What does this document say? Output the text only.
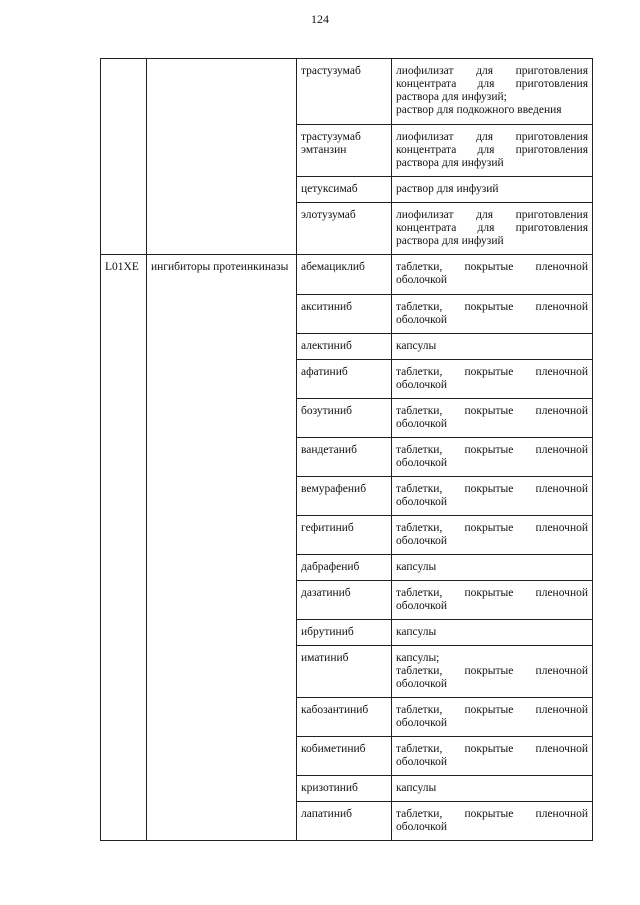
124
		трастузумаб	лиофилизат для приготовления
концентрата для приготовления
раствора для инфузий;
раствор для подкожного введения

		трастузумаб эмтанзин	лиофилизат для приготовления
концентрата для приготовления
раствора для инфузий

		цетуксимаб	раствор для инфузий

		элотузумаб	лиофилизат для приготовления
концентрата для приготовления
раствора для инфузий

L01XE	ингибиторы протеинкиназы	абемациклиб	таблетки, покрытые пленочной
оболочкой

		акситиниб	таблетки, покрытые пленочной
оболочкой

		алектиниб	капсулы

		афатиниб	таблетки, покрытые пленочной
оболочкой

		бозутиниб	таблетки, покрытые пленочной
оболочкой

		вандетаниб	таблетки, покрытые пленочной
оболочкой

		вемурафениб	таблетки, покрытые пленочной
оболочкой

		гефитиниб	таблетки, покрытые пленочной
оболочкой

		дабрафениб	капсулы

		дазатиниб	таблетки, покрытые пленочной
оболочкой

		ибрутиниб	капсулы

		иматиниб	капсулы;
таблетки, покрытые пленочной
оболочкой

		кабозантиниб	таблетки, покрытые пленочной
оболочкой

		кобиметиниб	таблетки, покрытые пленочной
оболочкой

		кризотиниб	капсулы

		лапатиниб	таблетки, покрытые пленочной
оболочкой
